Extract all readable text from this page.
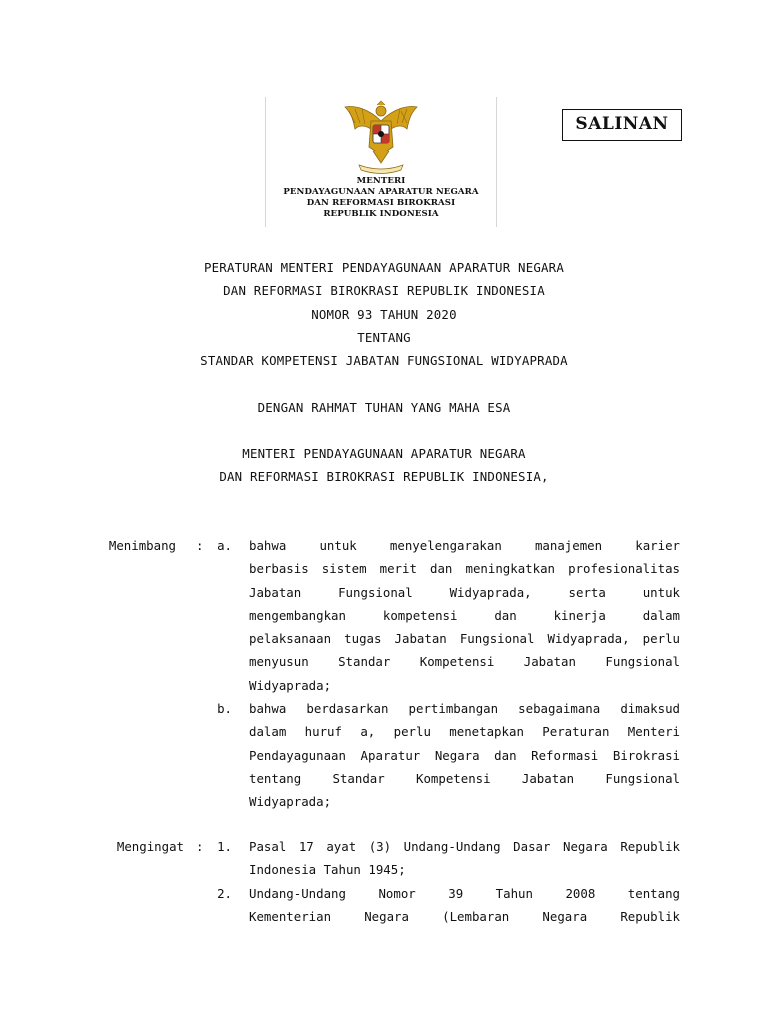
MENTERI
PENDAYAGUNAAN APARATUR NEGARA
DAN REFORMASI BIROKRASI
REPUBLIK INDONESIA
SALINAN
PERATURAN MENTERI PENDAYAGUNAAN APARATUR NEGARA
DAN REFORMASI BIROKRASI REPUBLIK INDONESIA
NOMOR 93 TAHUN 2020
TENTANG
STANDAR KOMPETENSI JABATAN FUNGSIONAL WIDYAPRADA
DENGAN RAHMAT TUHAN YANG MAHA ESA
MENTERI PENDAYAGUNAAN APARATUR NEGARA
DAN REFORMASI BIROKRASI REPUBLIK INDONESIA,
Menimbang :	a. bahwa untuk menyelengarakan manajemen karier
berbasis sistem merit dan meningkatkan profesionalitas
Jabatan Fungsional Widyaprada, serta untuk
mengembangkan kompetensi dan kinerja dalam
pelaksanaan tugas Jabatan Fungsional Widyaprada, perlu
menyusun Standar Kompetensi Jabatan Fungsional
Widyaprada;
b. bahwa berdasarkan pertimbangan sebagaimana dimaksud
dalam huruf a, perlu menetapkan Peraturan Menteri
Pendayagunaan Aparatur Negara dan Reformasi Birokrasi
tentang Standar Kompetensi Jabatan Fungsional
Widyaprada;
Mengingat :	1. Pasal 17 ayat (3) Undang-Undang Dasar Negara Republik
Indonesia Tahun 1945;
2. Undang-Undang Nomor 39 Tahun 2008 tentang
Kementerian Negara (Lembaran Negara Republik
